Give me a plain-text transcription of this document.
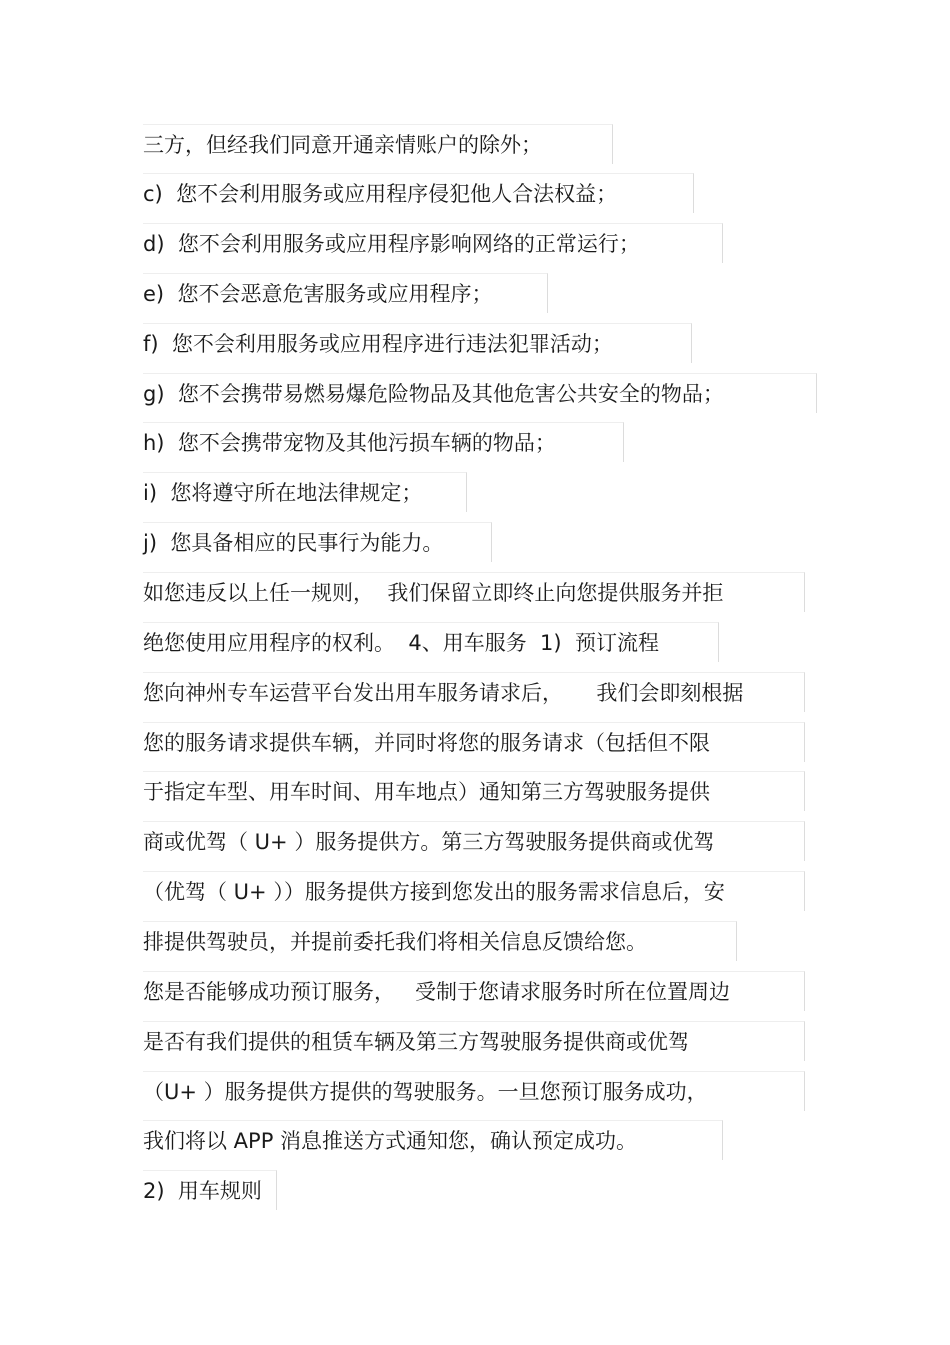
三方，但经我们同意开通亲情账户的除外；
c)  您不会利用服务或应用程序侵犯他人合法权益；
d)  您不会利用服务或应用程序影响网络的正常运行；
e)  您不会恶意危害服务或应用程序；
f)  您不会利用服务或应用程序进行违法犯罪活动；
g)  您不会携带易燃易爆危险物品及其他危害公共安全的物品；
h)  您不会携带宠物及其他污损车辆的物品；
i)  您将遵守所在地法律规定；
j)  您具备相应的民事行为能力。
如您违反以上任一规则，  我们保留立即终止向您提供服务并拒
绝您使用应用程序的权利。  4、用车服务  1)  预订流程
您向神州专车运营平台发出用车服务请求后，     我们会即刻根据
您的服务请求提供车辆，并同时将您的服务请求（包括但不限
于指定车型、用车时间、用车地点）通知第三方驾驶服务提供
商或优驾（ U+ ）服务提供方。第三方驾驶服务提供商或优驾
（优驾（ U+ ））服务提供方接到您发出的服务需求信息后，安
排提供驾驶员，并提前委托我们将相关信息反馈给您。
您是否能够成功预订服务，   受制于您请求服务时所在位置周边
是否有我们提供的租赁车辆及第三方驾驶服务提供商或优驾
（U+ ）服务提供方提供的驾驶服务。一旦您预订服务成功，
我们将以 APP 消息推送方式通知您，确认预定成功。
2)  用车规则
